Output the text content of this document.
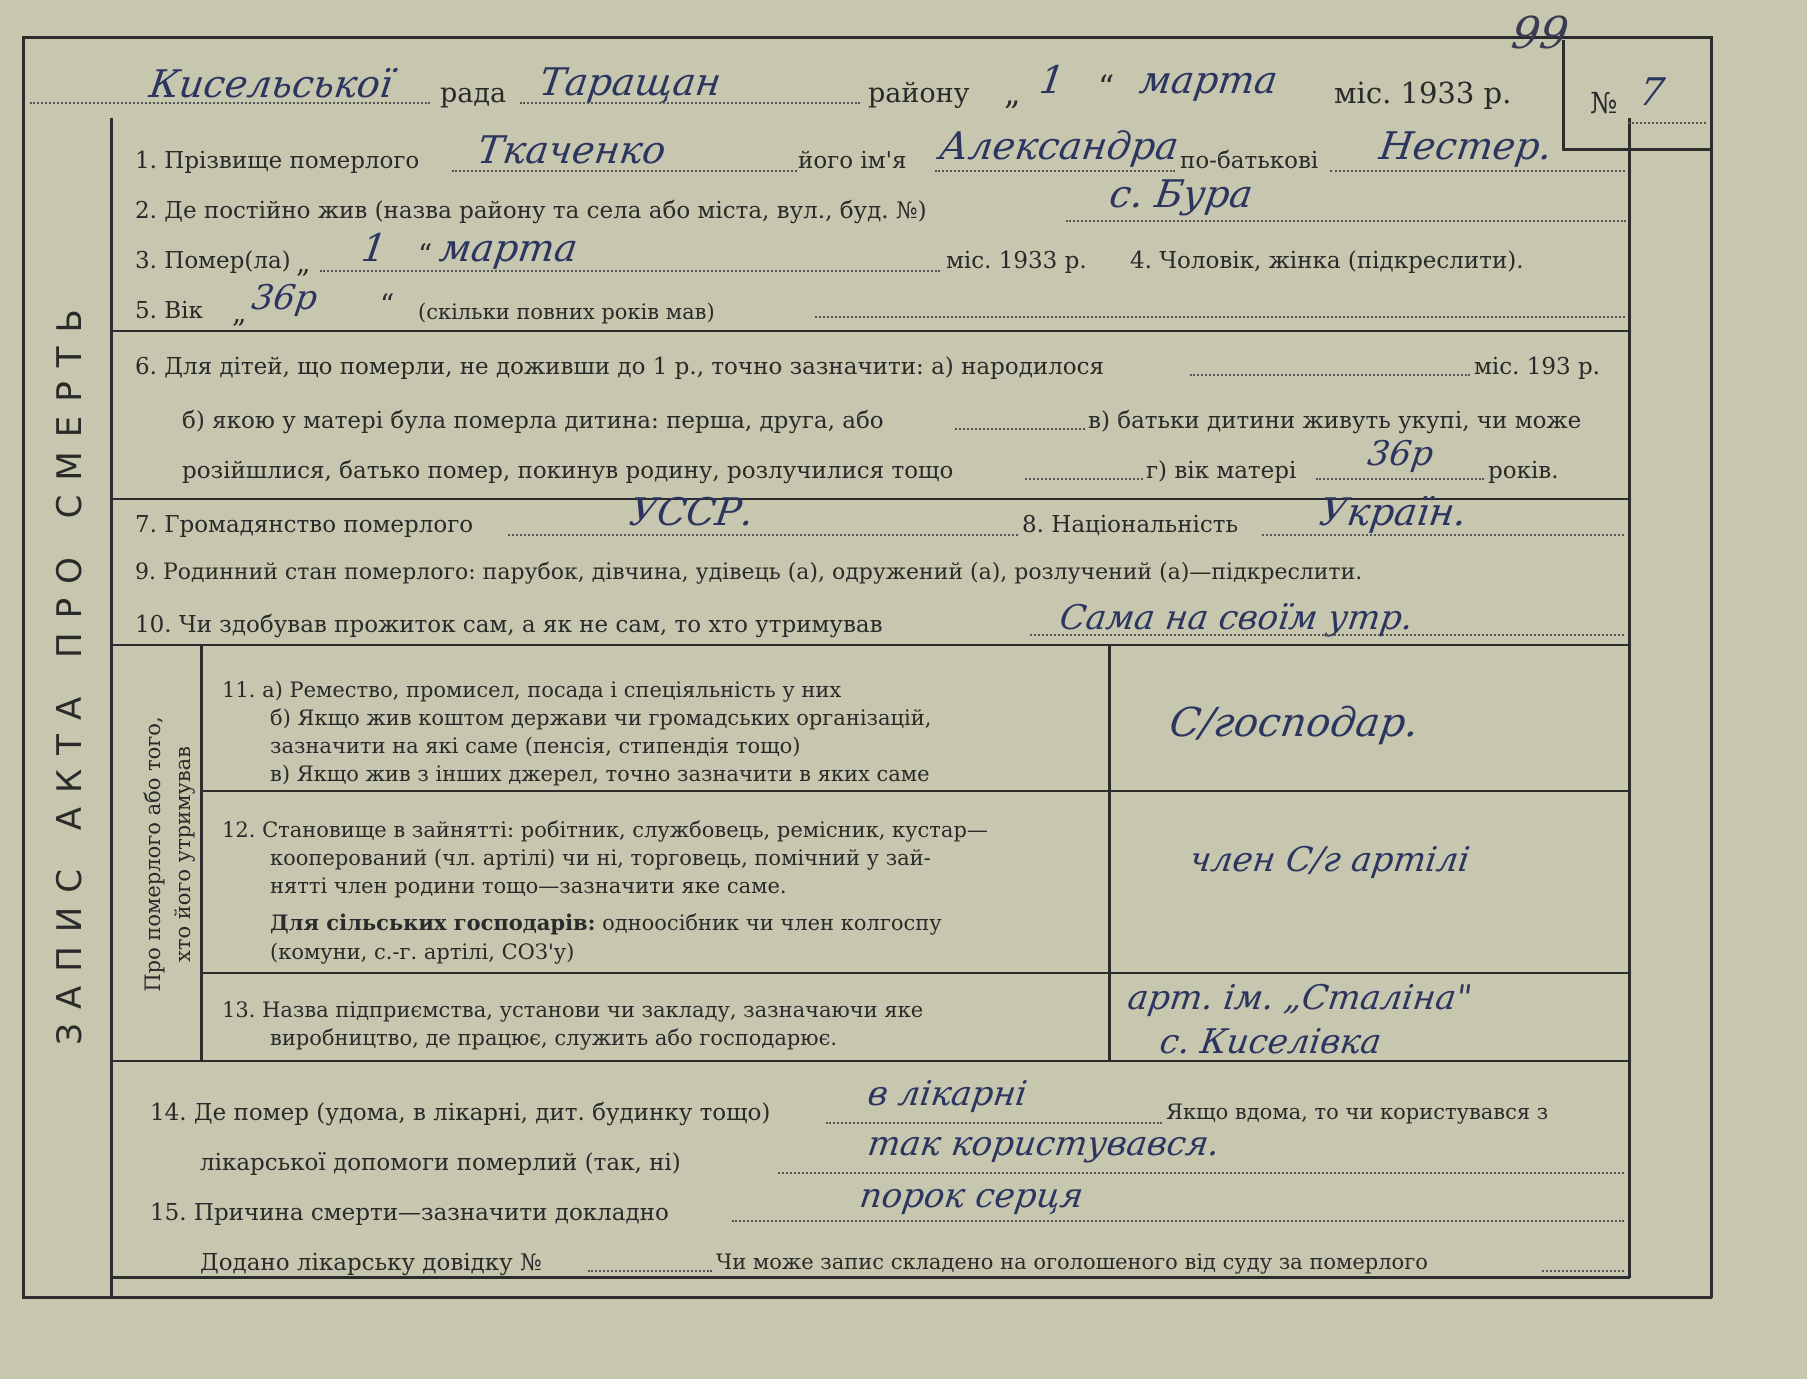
99
Кисельської рада Таращан	району „ 1 “ марта міс. 1933 р.	№ 7
ЗАПИС АКТА ПРО СМЕРТЬ
1. Прізвище померлого Ткаченко	його ім'я Александра
по-батькові Нестер.
2. Де постійно жив (назва району та села або міста, вул., буд. №)	с. Бура
3. Помер(ла) „ 1 “ марта	міс. 1933 р. 4. Чоловік, жінка (підкреслити).
5. Вік „ 36р “ (скільки повних років мав)
6. Для дітей, що померли, не доживши до 1 р., точно зазначити: а) народилося	міс. 193 р.
б) якою у матері була померла дитина: перша, друга, або	в) батьки дитини живуть укупі, чи може
розійшлися, батько помер, покинув родину, розлучилися тощо	г) вік матері 36р років.
7. Громадянство померлого	УССР.	8. Національність Україн.
9. Родинний стан померлого: парубок, дівчина, удівець (а), одружений (а), розлучений (а)—підкреслити.
10. Чи здобував прожиток сам, а як не сам, то хто утримував	Сама на своїм утр.
Про померлого або того, хто його утримував
11. а) Ремество, промисел, посада і спеціяльність у них
б) Якщо жив коштом держави чи громадських організацій,
зазначити на які саме (пенсія, стипендія тощо)
в) Якщо жив з інших джерел, точно зазначити в яких саме
С/господар.
12. Становище в зайнятті: робітник, службовець, ремісник, кустар—
кооперований (чл. артілі) чи ні, торговець, помічний у зай-
нятті член родини тощо—зазначити яке саме.
Для сільських господарів: одноосібник чи член колгоспу
(комуни, с.-г. артілі, СОЗ'у)
член С/г артілі
13. Назва підприємства, установи чи закладу, зазначаючи яке
виробництво, де працює, служить або господарює.
арт. ім. „Сталіна"
с. Киселівка
14. Де помер (удома, в лікарні, дит. будинку тощо)	в лікарні	Якщо вдома, то чи користувався з
лікарської допомоги померлий (так, ні)	так користувався.
15. Причина смерти—зазначити докладно	порок серця
Додано лікарську довідку №	Чи може запис складено на оголошеного від суду за померлого
